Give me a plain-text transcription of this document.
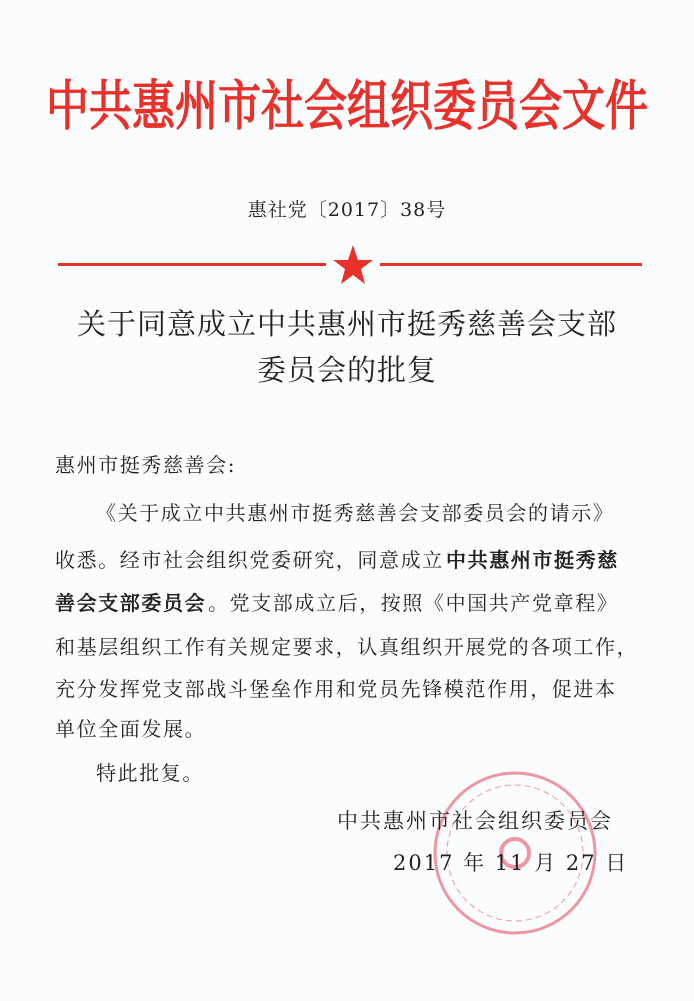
中共惠州市社会组织委员会文件
惠社党〔2017〕38号
关于同意成立中共惠州市挺秀慈善会支部
委员会的批复
惠州市挺秀慈善会:
《关于成立中共惠州市挺秀慈善会支部委员会的请示》
收悉。经市社会组织党委研究，同意成立 中共惠州市挺秀慈
善会支部委员会 。党支部成立后，按照《中国共产党章程》
和基层组织工作有关规定要求，认真组织开展党的各项工作，
充分发挥党支部战斗堡垒作用和党员先锋模范作用，促进本
单位全面发展。
特此批复。
中共惠州市社会组织委员会
2017 年 11 月 27 日
